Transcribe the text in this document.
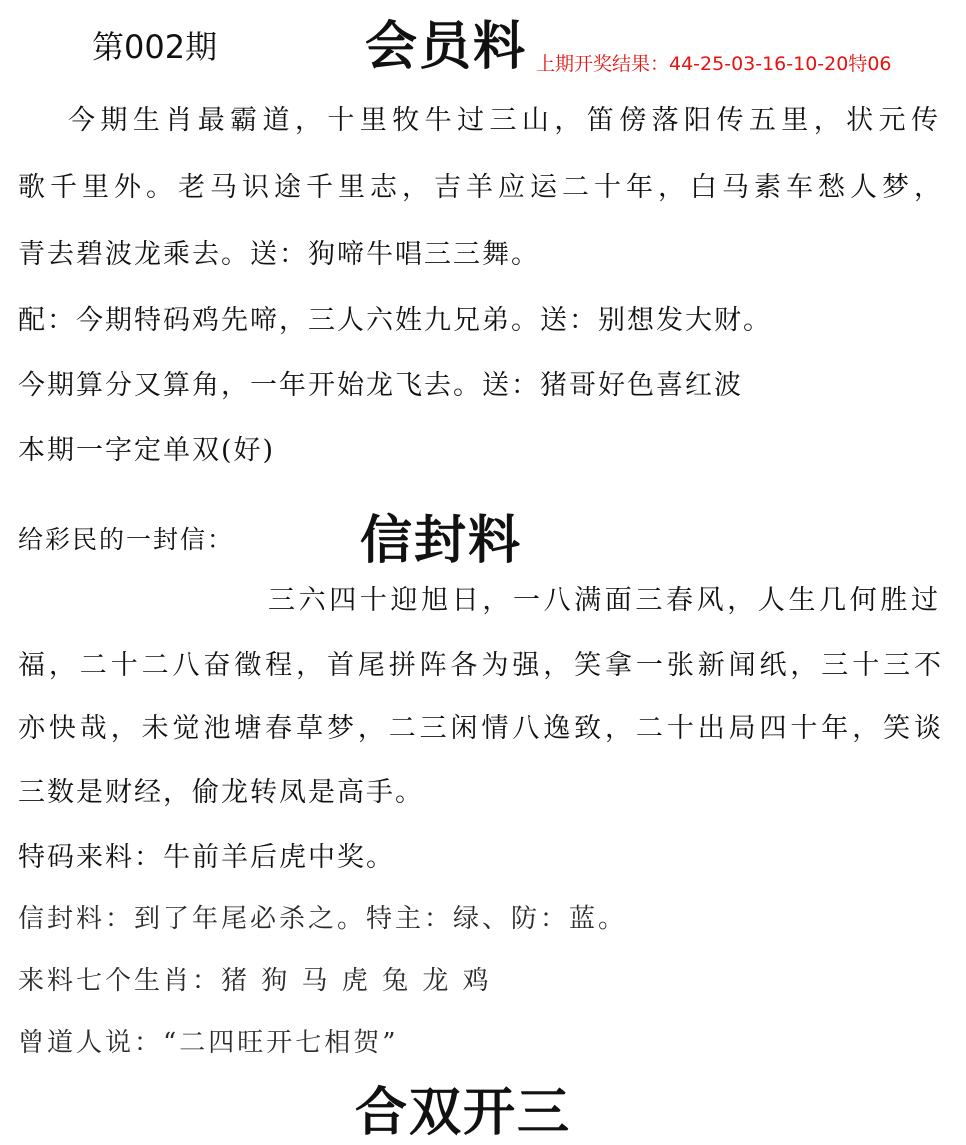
第002期	会员料 上期开奖结果：44-25-03-16-10-20特06
今期生肖最霸道，十里牧牛过三山，笛傍落阳传五里，状元传
歌千里外。老马识途千里志，吉羊应运二十年，白马素车愁人梦，
青去碧波龙乘去。送：狗啼牛唱三三舞。
配：今期特码鸡先啼，三人六姓九兄弟。送：别想发大财。
今期算分又算角，一年开始龙飞去。送：猪哥好色喜红波
本期一字定单双(好)
给彩民的一封信： 信封料
三六四十迎旭日，一八满面三春风，人生几何胜过
福，二十二八奋徵程，首尾拼阵各为强，笑拿一张新闻纸，三十三不
亦快哉，未觉池塘春草梦，二三闲情八逸致，二十出局四十年，笑谈
三数是财经，偷龙转凤是高手。
特码来料：牛前羊后虎中奖。
信封料：到了年尾必杀之。特主：绿、防：蓝。
来料七个生肖：猪 狗 马 虎 兔 龙 鸡
曾道人说：“二四旺开七相贺”
合双开三
